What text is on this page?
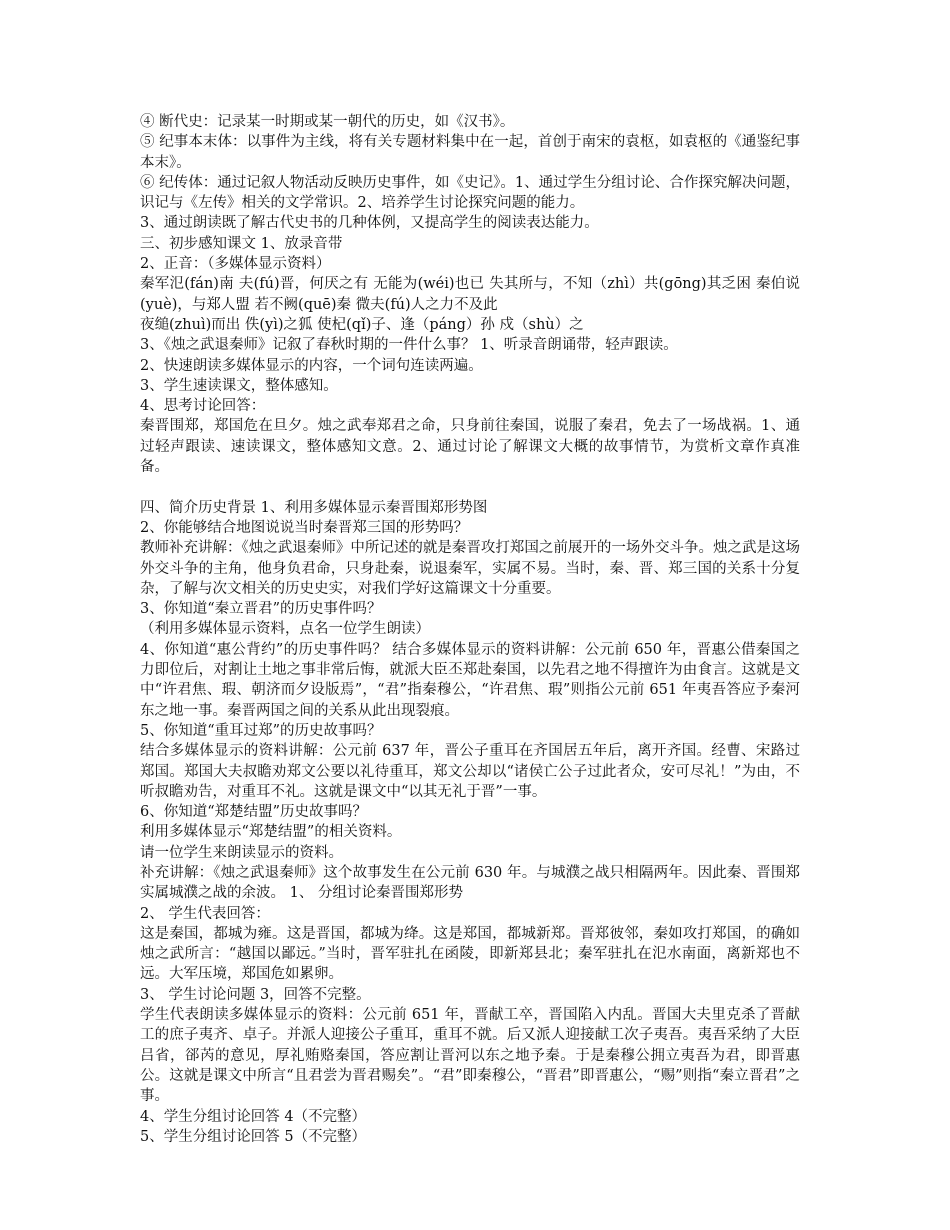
④ 断代史：记录某一时期或某一朝代的历史，如《汉书》。

⑤ 纪事本末体：以事件为主线，将有关专题材料集中在一起，首创于南宋的袁枢，如袁枢的《通鉴纪事本末》。

⑥ 纪传体：通过记叙人物活动反映历史事件，如《史记》。1、通过学生分组讨论、合作探究解决问题，识记与《左传》相关的文学常识。2、培养学生讨论探究问题的能力。

3、通过朗读既了解古代史书的几种体例，又提高学生的阅读表达能力。

三、初步感知课文 1、放录音带

2、正音：（多媒体显示资料）

秦军氾(fán)南 夫(fú)晋，何厌之有 无能为(wéi)也已 失其所与，不知（zhì）共(gōng)其乏困 秦伯说(yuè)，与郑人盟 若不阙(quē)秦 微夫(fú)人之力不及此

夜缒(zhuì)而出 佚(yì)之狐 使杞(qǐ)子、逢（páng）孙 戍（shù）之

3、《烛之武退秦师》记叙了春秋时期的一件什么事？ 1、听录音朗诵带，轻声跟读。

2、快速朗读多媒体显示的内容，一个词句连读两遍。

3、学生速读课文，整体感知。

4、思考讨论回答：

秦晋围郑，郑国危在旦夕。烛之武奉郑君之命，只身前往秦国，说服了秦君，免去了一场战祸。1、通过轻声跟读、速读课文，整体感知文意。2、通过讨论了解课文大概的故事情节，为赏析文章作真准备。

四、简介历史背景 1、利用多媒体显示秦晋围郑形势图

2、你能够结合地图说说当时秦晋郑三国的形势吗？

教师补充讲解：《烛之武退秦师》中所记述的就是秦晋攻打郑国之前展开的一场外交斗争。烛之武是这场外交斗争的主角，他身负君命，只身赴秦，说退秦军，实属不易。当时，秦、晋、郑三国的关系十分复杂，了解与次文相关的历史史实，对我们学好这篇课文十分重要。

3、你知道“秦立晋君”的历史事件吗？

（利用多媒体显示资料，点名一位学生朗读）

4、你知道“惠公背约”的历史事件吗？ 结合多媒体显示的资料讲解：公元前 650 年，晋惠公借秦国之力即位后，对割让土地之事非常后悔，就派大臣丕郑赴秦国，以先君之地不得擅许为由食言。这就是文中“许君焦、瑕、朝济而夕设版焉”，“君”指秦穆公，“许君焦、瑕”则指公元前 651 年夷吾答应予秦河东之地一事。秦晋两国之间的关系从此出现裂痕。

5、你知道“重耳过郑”的历史故事吗？

结合多媒体显示的资料讲解：公元前 637 年，晋公子重耳在齐国居五年后，离开齐国。经曹、宋路过郑国。郑国大夫叔瞻劝郑文公要以礼待重耳，郑文公却以“诸侯亡公子过此者众，安可尽礼！”为由，不听叔瞻劝告，对重耳不礼。这就是课文中“以其无礼于晋”一事。

6、你知道“郑楚结盟”历史故事吗？

利用多媒体显示“郑楚结盟”的相关资料。

请一位学生来朗读显示的资料。

补充讲解：《烛之武退秦师》这个故事发生在公元前 630 年。与城濮之战只相隔两年。因此秦、晋围郑实属城濮之战的余波。 1、 分组讨论秦晋围郑形势

2、 学生代表回答：

这是秦国，都城为雍。这是晋国，都城为绛。这是郑国，都城新郑。晋郑彼邻，秦如攻打郑国，的确如烛之武所言：“越国以鄙远。”当时，晋军驻扎在函陵，即新郑县北；秦军驻扎在氾水南面，离新郑也不远。大军压境，郑国危如累卵。

3、 学生讨论问题 3，回答不完整。

学生代表朗读多媒体显示的资料：公元前 651 年，晋献工卒，晋国陷入内乱。晋国大夫里克杀了晋献工的庶子夷齐、卓子。并派人迎接公子重耳，重耳不就。后又派人迎接献工次子夷吾。夷吾采纳了大臣吕省，郤芮的意见，厚礼贿赂秦国，答应割让晋河以东之地予秦。于是秦穆公拥立夷吾为君，即晋惠公。这就是课文中所言“且君尝为晋君赐矣”。“君”即秦穆公，“晋君”即晋惠公，“赐”则指“秦立晋君”之事。

4、学生分组讨论回答 4（不完整）

5、学生分组讨论回答 5（不完整）
